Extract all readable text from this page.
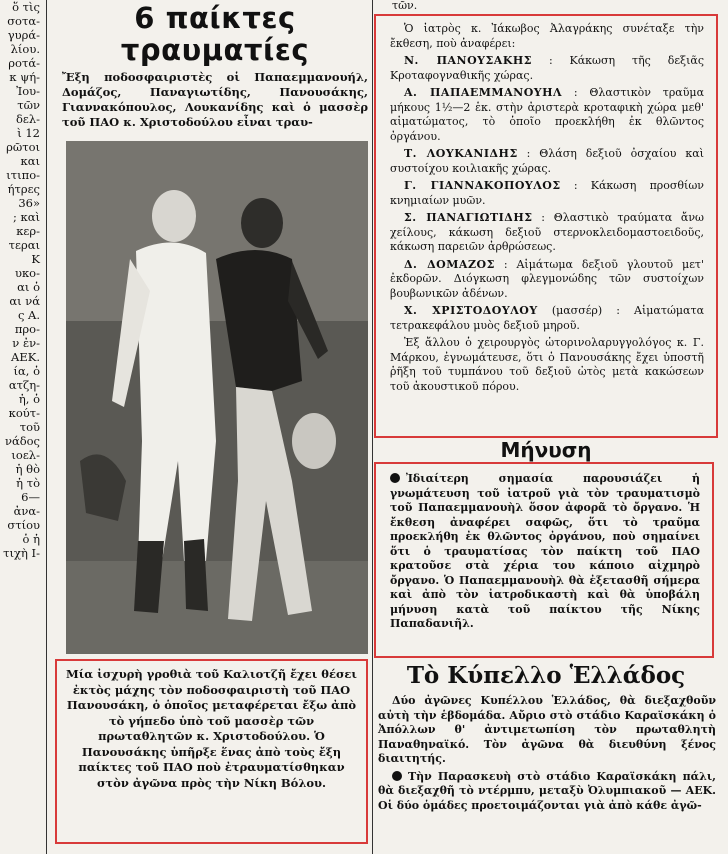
ὅ τὶς
σοτα-
γυρά-
λίου.
ροτά-
κ ψή-
Ἰου-
τῶν
δελ-
ὶ 12
ρῶτοι
και
ιτιπο-
ήτρες
36»
; καὶ
κερ-
τεραι
Κ
υκο-
αι ὁ
αι νά
ς Α.
προ-
ν ἐν-
ΑΕΚ.
ία, ὁ
ατζη-
ἡ, ὁ
κούτ-
τοῦ
νάδος
ιοελ-
ἡ θὸ
ἡ τὸ
6—
ἀνα-
στίου
ὁ ἡ
τιχὴ Ι-
6 παίκτες
τραυματίες
Ἔξη ποδοσφαιριστὲς οἱ Παπαεμμανουήλ, Δομάζος, Παναγιωτίδης, Πανουσάκης, Γιαννακόπουλος, Λουκανίδης καὶ ὁ μασσὲρ τοῦ ΠΑΟ κ. Χριστοδούλου εἶναι τραυ-
Μία ἰσχυρὴ γροθιὰ τοῦ Καλιοτζῆ ἔχει θέσει ἐκτὸς μάχης τὸν ποδοσφαιριστὴ τοῦ ΠΑΟ Πανουσάκη, ὁ ὁποῖος μεταφέρεται ἔξω ἀπὸ τὸ γήπεδο ὑπὸ τοῦ μασσὲρ τῶν πρωταθλητῶν κ. Χριστοδούλου. Ὁ Πανουσάκης ὑπῆρξε ἕνας ἀπὸ τοὺς ἔξη παίκτες τοῦ ΠΑΟ ποὺ ἐτραυματίσθηκαν στὸν ἀγῶνα πρὸς τὴν Νίκη Βόλου.
τῶν.

Ὁ ἰατρὸς κ. Ἰάκωβος Ἀλαγράκης συνέταξε τὴν ἔκθεση, ποὺ ἀναφέρει:

Ν. ΠΑΝΟΥΣΑΚΗΣ : Κάκωση τῆς δεξιᾶς Κροταφογναθικῆς χώρας.

Α. ΠΑΠΑΕΜΜΑΝΟΥΗΛ : Θλαστικὸν τραῦμα μήκους 1½—2 ἑκ. στὴν ἀριστερὰ κροταφικὴ χώρα μεθ' αἱματώματος, τὸ ὁποῖο προεκλήθη ἐκ θλῶντος ὀργάνου.

Τ. ΛΟΥΚΑΝΙΔΗΣ : Θλάση δεξιοῦ ὀσχαίου καὶ συστοίχου κοιλιακῆς χώρας.

Γ. ΓΙΑΝΝΑΚΟΠΟΥΛΟΣ : Κάκωση προσθίων κνημιαίων μυῶν.

Σ. ΠΑΝΑΓΙΩΤΙΔΗΣ : Θλαστικὸ τραύματα ἄνω χείλους, κάκωση δεξιοῦ στερνοκλειδομαστοειδοῦς, κάκωση παρειῶν ἀρθρώσεως.

Δ. ΔΟΜΑΖΟΣ : Αἱμάτωμα δεξιοῦ γλουτοῦ μετ' ἐκδορῶν. Διόγκωση φλεγμονώδης τῶν συστοίχων βουβωνικῶν ἀδένων.

Χ. ΧΡΙΣΤΟΔΟΥΛΟΥ (μασσέρ) : Αἱματώματα τετρακεφάλου μυὸς δεξιοῦ μηροῦ.

Ἐξ ἄλλου ὁ χειρουργὸς ὠτορινολαρυγγολόγος κ. Γ. Μάρκου, ἐγνωμάτευσε, ὅτι ὁ Πανουσάκης ἔχει ὑποστῆ ῥῆξη τοῦ τυμπάνου τοῦ δεξιοῦ ὠτὸς μετὰ κακώσεων τοῦ ἀκουστικοῦ πόρου.

Μήνυση
Ἰδιαίτερη σημασία παρουσιάζει ἡ γνωμάτευση τοῦ ἰατροῦ γιὰ τὸν τραυματισμὸ τοῦ Παπαεμμανουὴλ ὅσον ἀφορᾶ τὸ ὄργανο. Ἡ ἔκθεση ἀναφέρει σαφῶς, ὅτι τὸ τραῦμα προεκλήθη ἐκ θλῶντος ὀργάνου, ποὺ σημαίνει ὅτι ὁ τραυματίσας τὸν παίκτη τοῦ ΠΑΟ κρατοῦσε στὰ χέρια του κάποιο αἰχμηρὸ ὄργανο. Ὁ Παπαεμμανουὴλ θὰ ἐξετασθῆ σήμερα καὶ ἀπὸ τὸν ἰατροδικαστὴ καὶ θὰ ὑποβάλη μήνυση κατὰ τοῦ παίκτου τῆς Νίκης Παπαδανιῆλ.
Τὸ Κύπελλο Ἑλλάδος

Δύο ἀγῶνες Κυπέλλου Ἑλλάδος, θὰ διεξαχθοῦν αὐτὴ τὴν ἑβδομάδα. Αὔριο στὸ στάδιο Καραϊσκάκη ὁ Ἀπόλλων θ' ἀντιμετωπίση τὸν πρωταθλητὴ Παναθηναϊκό. Τὸν ἀγῶνα θὰ διευθύνη ξένος διαιτητής.

Τὴν Παρασκευὴ στὸ στάδιο Καραϊσκάκη πάλι, θὰ διεξαχθῆ τὸ ντέρμπυ, μεταξὺ Ὀλυμπιακοῦ — ΑΕΚ. Οἱ δύο ὁμάδες προετοιμάζονται γιὰ ἀπὸ κάθε ἀγῶ-
